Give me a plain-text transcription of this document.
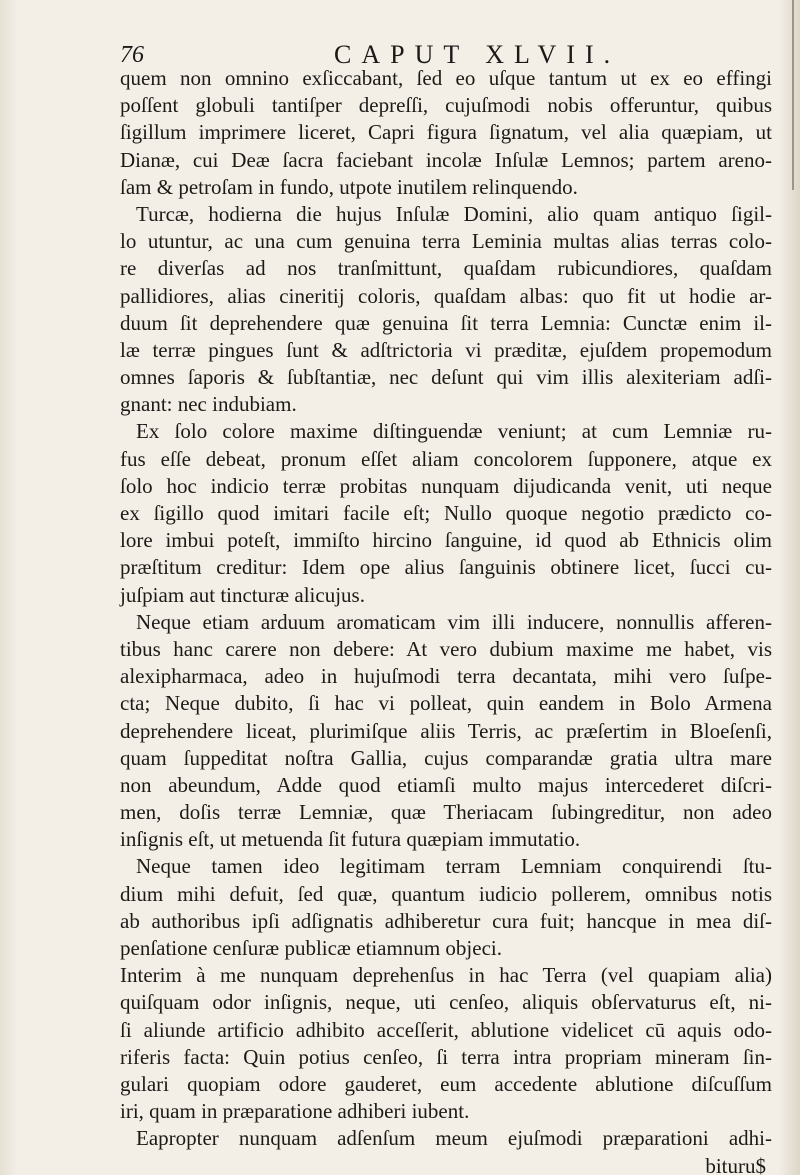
76	CAPUT XLVII.
quem non omnino exſiccabant, ſed eo uſque tantum ut ex eo effingi
poſſent globuli tantiſper depreſſi, cujuſmodi nobis offeruntur, quibus
ſigillum imprimere liceret, Capri figura ſignatum, vel alia quæpiam, ut
Dianæ, cui Deæ ſacra faciebant incolæ Inſulæ Lemnos; partem areno-
ſam & petroſam in fundo, utpote inutilem relinquendo.
Turcæ, hodierna die hujus Inſulæ Domini, alio quam antiquo ſigil-
lo utuntur, ac una cum genuina terra Leminia multas alias terras colo-
re diverſas ad nos tranſmittunt, quaſdam rubicundiores, quaſdam
pallidiores, alias cineritij coloris, quaſdam albas: quo fit ut hodie ar-
duum ſit deprehendere quæ genuina ſit terra Lemnia: Cunctæ enim il-
læ terræ pingues ſunt & adſtrictoria vi præditæ, ejuſdem propemodum
omnes ſaporis & ſubſtantiæ, nec deſunt qui vim illis alexiteriam adſi-
gnant: nec indubiam.
Ex ſolo colore maxime diſtinguendæ veniunt; at cum Lemniæ ru-
fus eſſe debeat, pronum eſſet aliam concolorem ſupponere, atque ex
ſolo hoc indicio terræ probitas nunquam dijudicanda venit, uti neque
ex ſigillo quod imitari facile eſt; Nullo quoque negotio prædicto co-
lore imbui poteſt, immiſto hircino ſanguine, id quod ab Ethnicis olim
præſtitum creditur: Idem ope alius ſanguinis obtinere licet, ſucci cu-
juſpiam aut tincturæ alicujus.
Neque etiam arduum aromaticam vim illi inducere, nonnullis afferen-
tibus hanc carere non debere: At vero dubium maxime me habet, vis
alexipharmaca, adeo in hujuſmodi terra decantata, mihi vero ſuſpe-
cta; Neque dubito, ſi hac vi polleat, quin eandem in Bolo Armena
deprehendere liceat, plurimiſque aliis Terris, ac præſertim in Bloeſenſi,
quam ſuppeditat noſtra Gallia, cujus comparandæ gratia ultra mare
non abeundum, Adde quod etiamſi multo majus intercederet diſcri-
men, doſis terræ Lemniæ, quæ Theriacam ſubingreditur, non adeo
inſignis eſt, ut metuenda ſit futura quæpiam immutatio.
Neque tamen ideo legitimam terram Lemniam conquirendi ſtu-
dium mihi defuit, ſed quæ, quantum iudicio pollerem, omnibus notis
ab authoribus ipſi adſignatis adhiberetur cura fuit; hancque in mea diſ-
penſatione cenſuræ publicæ etiamnum objeci.
Interim à me nunquam deprehenſus in hac Terra (vel quapiam alia)
quiſquam odor inſignis, neque, uti cenſeo, aliquis obſervaturus eſt, ni-
ſi aliunde artificio adhibito acceſſerit, ablutione videlicet cū aquis odo-
riferis facta: Quin potius cenſeo, ſi terra intra propriam mineram ſin-
gulari quopiam odore gauderet, eum accedente ablutione diſcuſſum
iri, quam in præparatione adhiberi iubent.
Eapropter nunquam adſenſum meum ejuſmodi præparationi adhi-
bituru$
